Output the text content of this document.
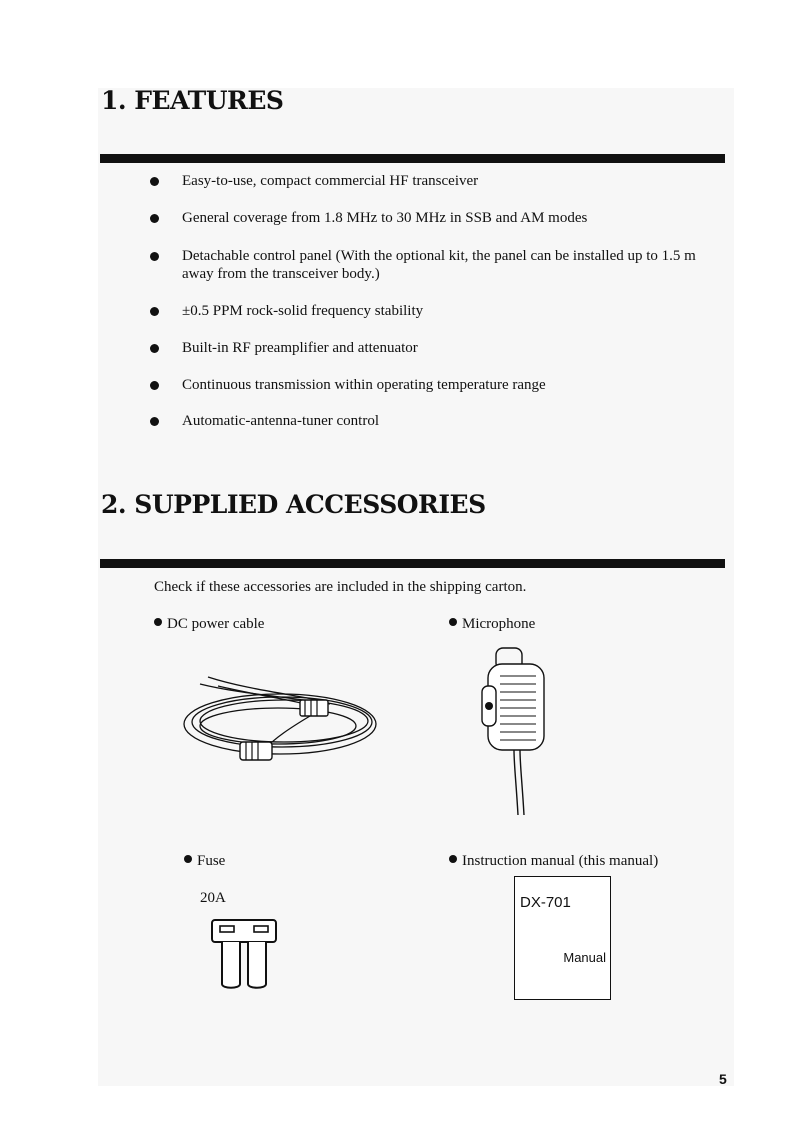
1. FEATURES
Easy-to-use, compact commercial HF transceiver
General coverage from 1.8 MHz to 30 MHz in SSB and AM modes
Detachable control panel (With the optional kit, the panel can be installed up to 1.5 m away from the transceiver body.)
±0.5 PPM rock-solid frequency stability
Built-in RF preamplifier and attenuator
Continuous transmission within operating temperature range
Automatic-antenna-tuner control
2. SUPPLIED ACCESSORIES

Check if these accessories are included in the shipping carton.

DC power cable	Microphone

Fuse	Instruction manual (this manual)

20A	DX-701
Manual
5
